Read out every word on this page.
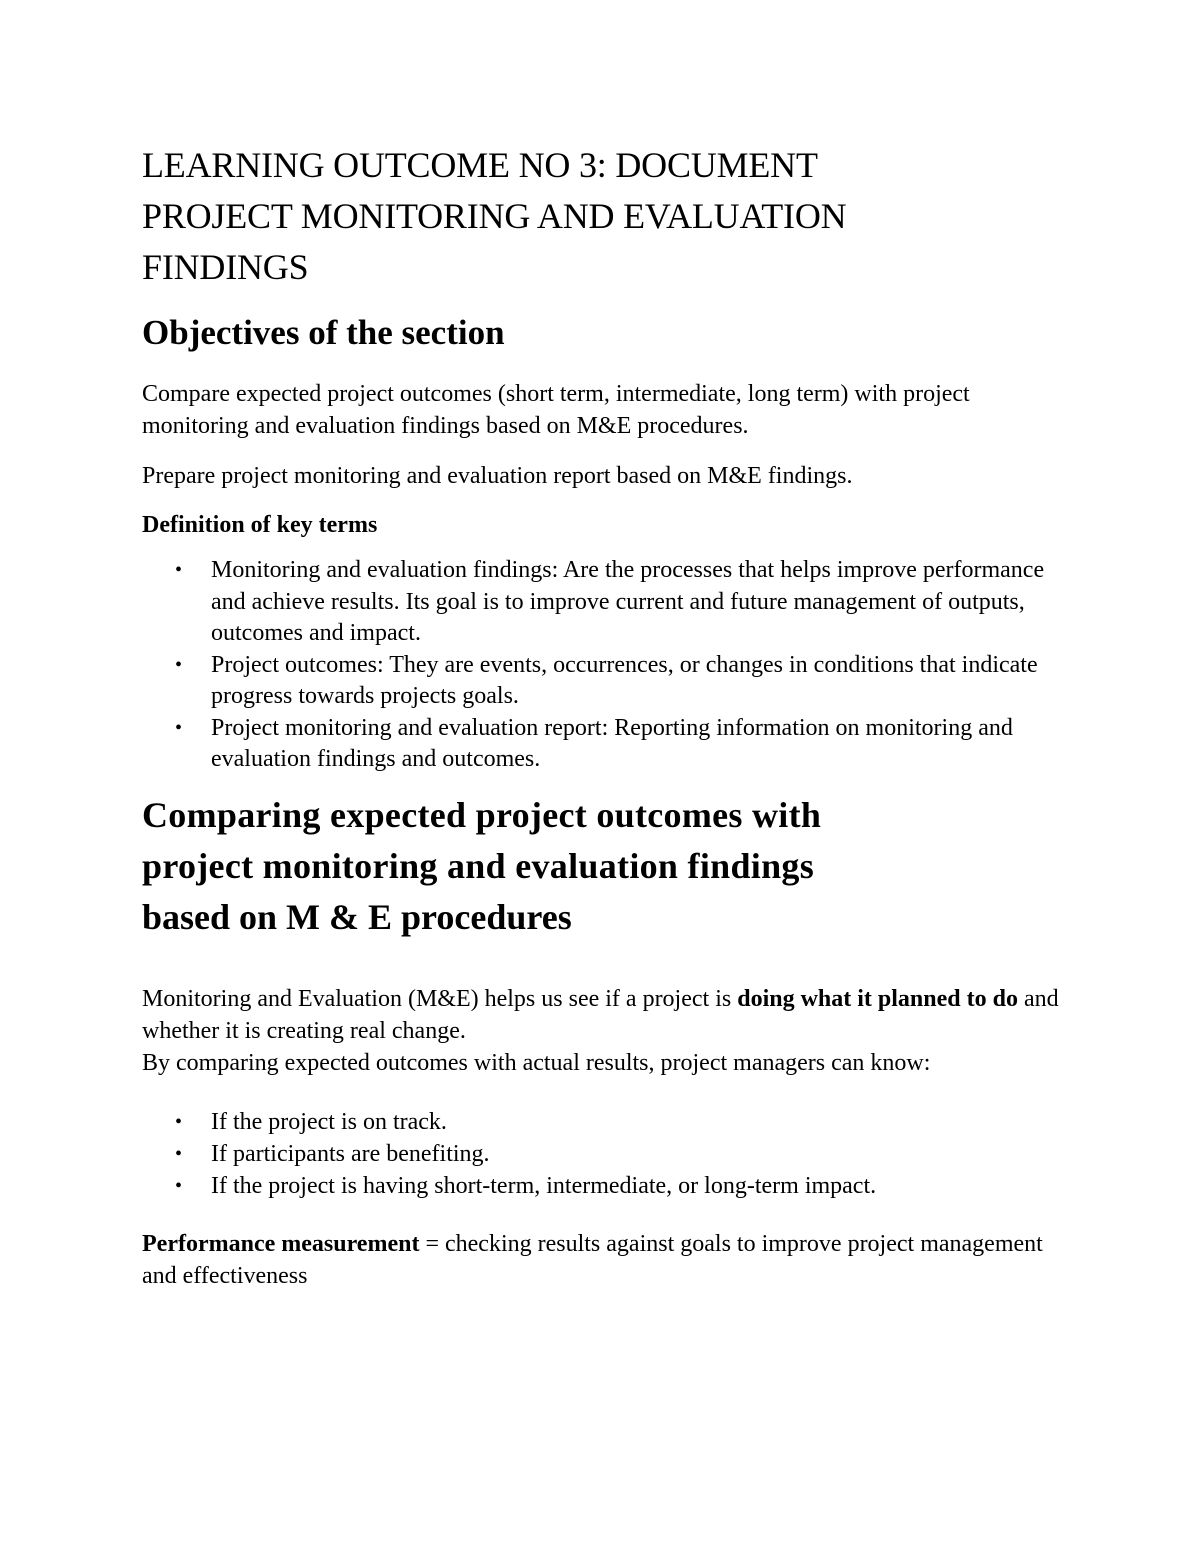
LEARNING OUTCOME NO 3: DOCUMENT
PROJECT MONITORING AND EVALUATION
FINDINGS
Objectives of the section

Compare expected project outcomes (short term, intermediate, long term) with project monitoring and evaluation findings based on M&E procedures.

Prepare project monitoring and evaluation report based on M&E findings.

Definition of key terms

• Monitoring and evaluation findings: Are the processes that helps improve performance and achieve results. Its goal is to improve current and future management of outputs, outcomes and impact.
• Project outcomes: They are events, occurrences, or changes in conditions that indicate progress towards projects goals.
• Project monitoring and evaluation report: Reporting information on monitoring and evaluation findings and outcomes.
Comparing expected project outcomes with
project monitoring and evaluation findings
based on M & E procedures

Monitoring and Evaluation (M&E) helps us see if a project is doing what it planned to do and whether it is creating real change.
By comparing expected outcomes with actual results, project managers can know:

• If the project is on track.
• If participants are benefiting.
• If the project is having short-term, intermediate, or long-term impact.

Performance measurement = checking results against goals to improve project management and effectiveness
